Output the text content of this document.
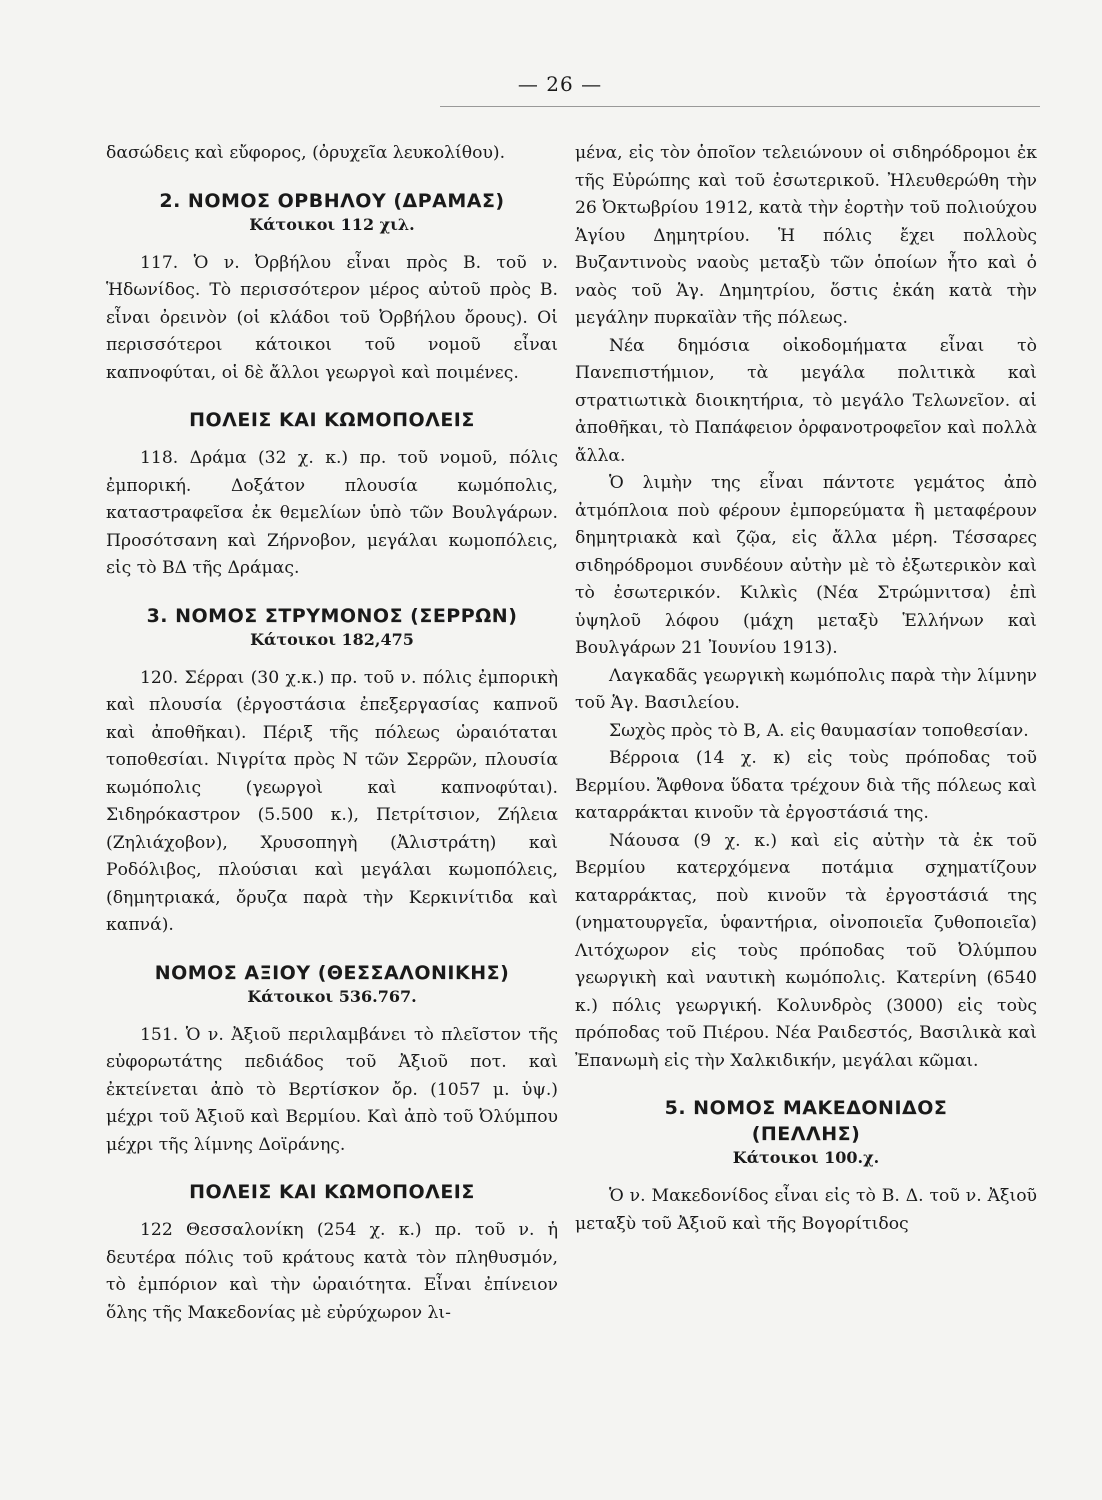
— 26 —

δασώδεις καὶ εὔφορος, (ὀρυχεῖα λευκολίθου).

2. ΝΟΜΟΣ ΟΡΒΗΛΟΥ (ΔΡΑΜΑΣ)
Κάτοικοι 112 χιλ.

117. Ὁ ν. Ὀρβήλου εἶναι πρὸς Β. τοῦ ν. Ἡδωνίδος. Τὸ περισσότερον μέρος αὐτοῦ πρὸς Β. εἶναι ὀρεινὸν (οἱ κλάδοι τοῦ Ὀρβήλου ὄρους). Οἱ περισσότεροι κάτοικοι τοῦ νομοῦ εἶναι καπνοφύται, οἱ δὲ ἄλλοι γεωργοὶ καὶ ποιμένες.

ΠΟΛΕΙΣ ΚΑΙ ΚΩΜΟΠΟΛΕΙΣ

118. Δράμα (32 χ. κ.) πρ. τοῦ νομοῦ, πόλις ἐμπορική. Δοξάτον πλουσία κωμόπολις, καταστραφεῖσα ἐκ θεμελίων ὑπὸ τῶν Βουλγάρων. Προσότσανη καὶ Ζήρνοβον, μεγάλαι κωμοπόλεις, εἰς τὸ ΒΔ τῆς Δράμας.

3. ΝΟΜΟΣ ΣΤΡΥΜΟΝΟΣ (ΣΕΡΡΩΝ)
Κάτοικοι 182,475

120. Σέρραι (30 χ.κ.) πρ. τοῦ ν. πόλις ἐμπορικὴ καὶ πλουσία (ἐργοστάσια ἐπεξεργασίας καπνοῦ καὶ ἀποθῆκαι). Πέριξ τῆς πόλεως ὡραιόταται τοποθεσίαι. Νιγρίτα πρὸς Ν τῶν Σερρῶν, πλουσία κωμόπολις (γεωργοὶ καὶ καπνοφύται). Σιδηρόκαστρον (5.500 κ.), Πετρίτσιον, Ζήλεια (Ζηλιάχοβον), Χρυσοπηγὴ (Ἀλιστράτη) καὶ Ροδόλιβος, πλούσιαι καὶ μεγάλαι κωμοπόλεις, (δημητριακά, ὄρυζα παρὰ τὴν Κερκινίτιδα καὶ καπνά).

ΝΟΜΟΣ ΑΞΙΟΥ (ΘΕΣΣΑΛΟΝΙΚΗΣ)
Κάτοικοι 536.767.

151. Ὁ ν. Ἀξιοῦ περιλαμβάνει τὸ πλεῖστον τῆς εὐφορωτάτης πεδιάδος τοῦ Ἀξιοῦ ποτ. καὶ ἐκτείνεται ἀπὸ τὸ Βερτίσκον ὄρ. (1057 μ. ὑψ.) μέχρι τοῦ Ἀξιοῦ καὶ Βερμίου. Καὶ ἀπὸ τοῦ Ὀλύμπου μέχρι τῆς λίμνης Δοϊράνης.

ΠΟΛΕΙΣ ΚΑΙ ΚΩΜΟΠΟΛΕΙΣ

122 Θεσσαλονίκη (254 χ. κ.) πρ. τοῦ ν. ἡ δευτέρα πόλις τοῦ κράτους κατὰ τὸν πληθυσμόν, τὸ ἐμπόριον καὶ τὴν ὡραιότητα. Εἶναι ἐπίνειον ὅλης τῆς Μακεδονίας μὲ εὐρύχωρον λι-

μένα, εἰς τὸν ὁποῖον τελειώνουν οἱ σιδηρόδρομοι ἐκ τῆς Εὐρώπης καὶ τοῦ ἐσωτερικοῦ. Ἠλευθερώθη τὴν 26 Ὀκτωβρίου 1912, κατὰ τὴν ἑορτὴν τοῦ πολιούχου Ἁγίου Δημητρίου. Ἡ πόλις ἔχει πολλοὺς Βυζαντινοὺς ναοὺς μεταξὺ τῶν ὁποίων ἦτο καὶ ὁ ναὸς τοῦ Ἁγ. Δημητρίου, ὅστις ἐκάη κατὰ τὴν μεγάλην πυρκαϊὰν τῆς πόλεως.

Νέα δημόσια οἰκοδομήματα εἶναι τὸ Πανεπιστήμιον, τὰ μεγάλα πολιτικὰ καὶ στρατιωτικὰ διοικητήρια, τὸ μεγάλο Τελωνεῖον. αἱ ἀποθῆκαι, τὸ Παπάφειον ὀρφανοτροφεῖον καὶ πολλὰ ἄλλα.

Ὁ λιμὴν της εἶναι πάντοτε γεμάτος ἀπὸ ἀτμόπλοια ποὺ φέρουν ἐμπορεύματα ἢ μεταφέρουν δημητριακὰ καὶ ζῷα, εἰς ἄλλα μέρη. Τέσσαρες σιδηρόδρομοι συνδέουν αὐτὴν μὲ τὸ ἐξωτερικὸν καὶ τὸ ἐσωτερικόν. Κιλκὶς (Νέα Στρώμνιτσα) ἐπὶ ὑψηλοῦ λόφου (μάχη μεταξὺ Ἑλλήνων καὶ Βουλγάρων 21 Ἰουνίου 1913).

Λαγκαδᾶς γεωργικὴ κωμόπολις παρὰ τὴν λίμνην τοῦ Ἁγ. Βασιλείου.

Σωχὸς πρὸς τὸ Β, Α. εἰς θαυμασίαν τοποθεσίαν.

Βέρροια (14 χ. κ) εἰς τοὺς πρόποδας τοῦ Βερμίου. Ἄφθονα ὕδατα τρέχουν διὰ τῆς πόλεως καὶ καταρράκται κινοῦν τὰ ἐργοστάσιά της.

Νάουσα (9 χ. κ.) καὶ εἰς αὐτὴν τὰ ἐκ τοῦ Βερμίου κατερχόμενα ποτάμια σχηματίζουν καταρράκτας, ποὺ κινοῦν τὰ ἐργοστάσιά της (νηματουργεῖα, ὑφαντήρια, οἰνοποιεῖα ζυθοποιεῖα) Λιτόχωρον εἰς τοὺς πρόποδας τοῦ Ὀλύμπου γεωργικὴ καὶ ναυτικὴ κωμόπολις. Κατερίνη (6540 κ.) πόλις γεωργική. Κολυνδρὸς (3000) εἰς τοὺς πρόποδας τοῦ Πιέρου. Νέα Ραιδεστός, Βασιλικὰ καὶ Ἐπανωμὴ εἰς τὴν Χαλκιδικήν, μεγάλαι κῶμαι.

5. ΝΟΜΟΣ ΜΑΚΕΔΟΝΙΔΟΣ
(ΠΕΛΛΗΣ)
Κάτοικοι 100.χ.

Ὁ ν. Μακεδονίδος εἶναι εἰς τὸ Β. Δ. τοῦ ν. Ἀξιοῦ μεταξὺ τοῦ Ἀξιοῦ καὶ τῆς Βογορίτιδος
